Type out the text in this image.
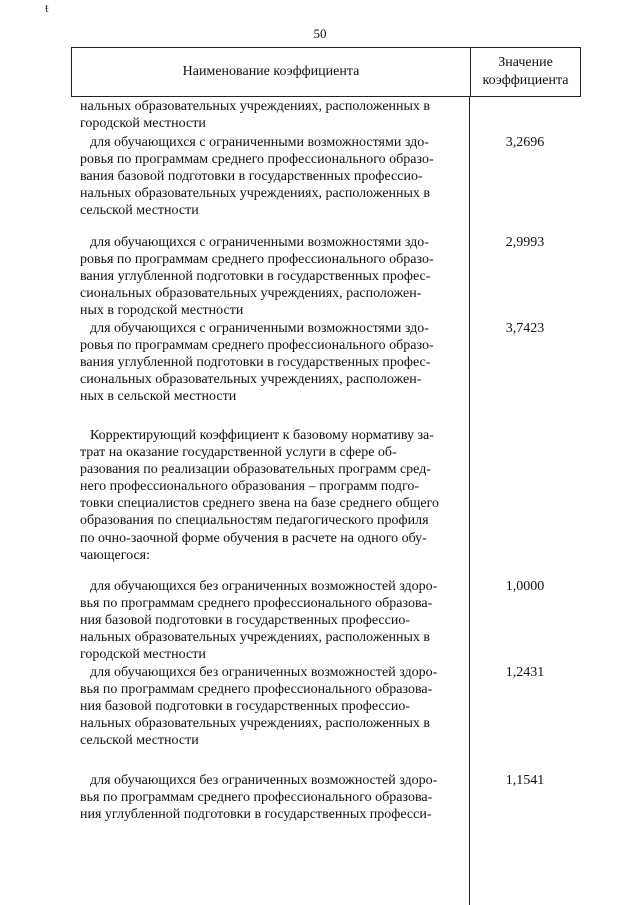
ŧ
50
Наименование коэффициента
Значение
коэффициента
нальных образовательных учреждениях, расположенных в
городской местности
для обучающихся с ограниченными возможностями здо-
ровья по программам среднего профессионального образо-
вания базовой подготовки в государственных профессио-
нальных образовательных учреждениях, расположенных в
сельской местности
3,2696
для обучающихся с ограниченными возможностями здо-
ровья по программам среднего профессионального образо-
вания углубленной подготовки в государственных профес-
сиональных образовательных учреждениях, расположен-
ных в городской местности
2,9993
для обучающихся с ограниченными возможностями здо-
ровья по программам среднего профессионального образо-
вания углубленной подготовки в государственных профес-
сиональных образовательных учреждениях, расположен-
ных в сельской местности
3,7423
Корректирующий коэффициент к базовому нормативу за-
трат на оказание государственной услуги в сфере об-
разования по реализации образовательных программ сред-
него профессионального образования – программ подго-
товки специалистов среднего звена на базе среднего общего
образования по специальностям педагогического профиля
по очно-заочной форме обучения в расчете на одного обу-
чающегося:
для обучающихся без ограниченных возможностей здоро-
вья по программам среднего профессионального образова-
ния базовой подготовки в государственных профессио-
нальных образовательных учреждениях, расположенных в
городской местности
1,0000
для обучающихся без ограниченных возможностей здоро-
вья по программам среднего профессионального образова-
ния базовой подготовки в государственных профессио-
нальных образовательных учреждениях, расположенных в
сельской местности
1,2431
для обучающихся без ограниченных возможностей здоро-
вья по программам среднего профессионального образова-
ния углубленной подготовки в государственных професси-
1,1541
